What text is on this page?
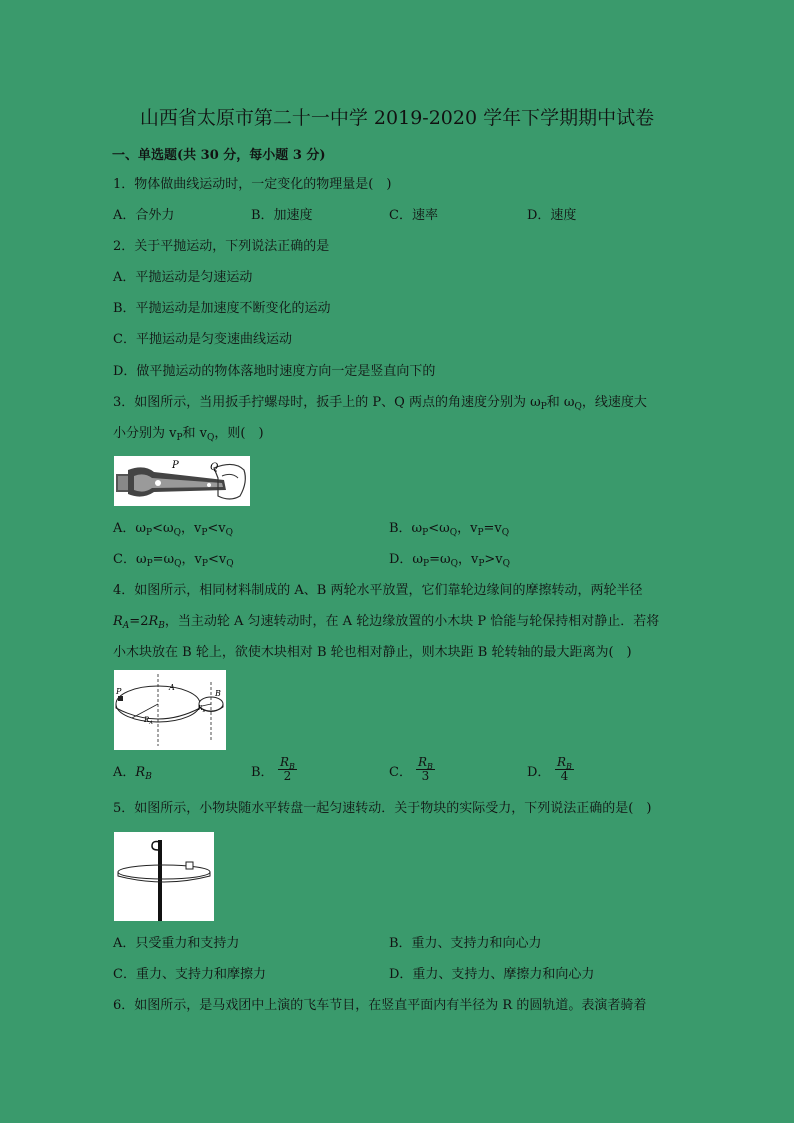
山西省太原市第二十一中学 2019-2020 学年下学期期中试卷
一、单选题(共 30 分，每小题 3 分)
1．物体做曲线运动时，一定变化的物理量是(　)
A．合外力	B．加速度	C．速率	D．速度
2．关于平抛运动，下列说法正确的是
A．平抛运动是匀速运动
B．平抛运动是加速度不断变化的运动
C．平抛运动是匀变速曲线运动
D．做平抛运动的物体落地时速度方向一定是竖直向下的
3．如图所示，当用扳手拧螺母时，扳手上的 P、Q 两点的角速度分别为 $\omega_P$和 $\omega_Q$，线速度大
小分别为 $v_P$和 $v_Q$，则(　)
P	Q
A．$\omega_P<\omega_Q$，$v_P<v_Q$	B．$\omega_P<\omega_Q$，$v_P=v_Q$
C．$\omega_P=\omega_Q$，$v_P<v_Q$	D．$\omega_P=\omega_Q$，$v_P>v_Q$
4．如图所示，相同材料制成的 A、B 两轮水平放置，它们靠轮边缘间的摩擦转动，两轮半径
$R_A=2R_B$，当主动轮 A 匀速转动时，在 A 轮边缘放置的小木块 P 恰能与轮保持相对静止．若将
小木块放在 B 轮上，欲使木块相对 B 轮也相对静止，则木块距 B 轮转轴的最大距离为(　)
P	A
B
$R_A$
$R_B$
A．$R_B$	B． $\frac{R_B}{2}$	C． $\frac{R_B}{3}$	D． $\frac{R_B}{4}$
5．如图所示，小物块随水平转盘一起匀速转动．关于物块的实际受力，下列说法正确的是(　)
A．只受重力和支持力	B．重力、支持力和向心力
C．重力、支持力和摩擦力	D．重力、支持力、摩擦力和向心力
6．如图所示，是马戏团中上演的飞车节目，在竖直平面内有半径为 R 的圆轨道。表演者骑着
